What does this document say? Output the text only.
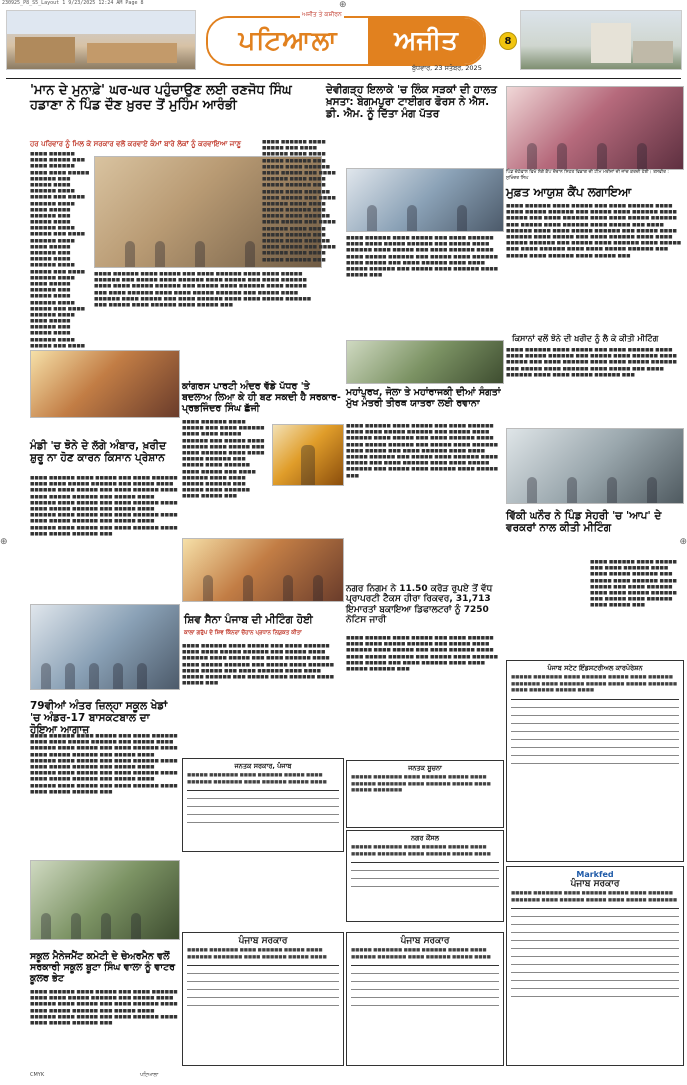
230925_P8_S5_Layout 1 9/23/2025 12:24 AM Page 8	⊕
⊕	⊕
ਪਟਿਆਲਾ	ਅਜੀਤ
ਅਜੀਤ ਤੇ ਕਸ਼ੀਰਨ
ਬੁੱਧਵਾਰ, 23 ਸਤੰਬਰ, 2025
8
'ਮਾਨ ਦੇ ਮੁਨਾਫ਼ੇ' ਘਰ-ਘਰ ਪਹੁੰਚਾਉਣ ਲਈ ਰਣਜੋਧ ਸਿੰਘ ਹਡਾਣਾ ਨੇ ਪਿੰਡ ਦੌਣ ਖ਼ੁਰਦ ਤੋਂ ਮੁਹਿੰਮ ਆਰੰਭੀ
ਹਰ ਪਰਿਵਾਰ ਨੂੰ ਮਿਲ ਕੇ ਸਰਕਾਰ ਵਲੋਂ ਕਰਵਾਏ ਕੰਮਾਂ ਬਾਰੇ ਲੋਕਾਂ ਨੂੰ ਕਰਵਾਇਆ ਜਾਣੂ
■■■■ ■■■■■■ ■■■■ ■■■■■ ■■■ ■■■■ ■■■■■■ ■■■■ ■■■■ ■■■■■ ■■■■■■ ■■■ ■■■■■ ■■■■ ■■■■■■ ■■■■ ■■■■■ ■■■ ■■■■ ■■■■■■ ■■■■ ■■■■ ■■■■■ ■■■■■■ ■■■ ■■■■■ ■■■■ ■■■■■■ ■■■■ ■■■■■ ■■■ ■■■■ ■■■■■■ ■■■■ ■■■■ ■■■■■ ■■■■■■ ■■■ ■■■■■ ■■■■ ■■■■■■ ■■■■ ■■■■■ ■■■ ■■■■ ■■■■■■ ■■■■ ■■■■ ■■■■■ ■■■■■■ ■■■ ■■■■■ ■■■■ ■■■■■■ ■■■■ ■■■■■ ■■■ ■■■■ ■■■■■■ ■■■■ ■■■■ ■■■■■ ■■■■■■ ■■■ ■■■■■ ■■■■ ■■■■■■ ■■■■ ■■■■■ ■■■ ■■■■
■■■■ ■■■■■■ ■■■■ ■■■■■ ■■■ ■■■■ ■■■■■■ ■■■■ ■■■■ ■■■■■ ■■■■■■ ■■■ ■■■■■ ■■■■ ■■■■■■ ■■■■ ■■■■■ ■■■ ■■■■ ■■■■■■ ■■■■ ■■■■ ■■■■■ ■■■■■■ ■■■ ■■■■■ ■■■■ ■■■■■■ ■■■■ ■■■■■ ■■■ ■■■■ ■■■■■■ ■■■■ ■■■■ ■■■■■ ■■■■■■ ■■■ ■■■■■ ■■■■ ■■■■■■ ■■■■ ■■■■■ ■■■ ■■■■ ■■■■■■ ■■■■ ■■■■ ■■■■■ ■■■■■■ ■■■ ■■■■■ ■■■■ ■■■■■■ ■■■■ ■■■■■ ■■■
ਦੇਵੀਗੜ੍ਹ ਇਲਾਕੇ 'ਚ ਲਿੰਕ ਸੜਕਾਂ ਦੀ ਹਾਲਤ ਖ਼ਸਤਾ: ਬੇਗਮਪੁਰਾ ਟਾਈਗਰ ਫੋਰਸ ਨੇ ਐਸ. ਡੀ. ਐਮ. ਨੂੰ ਦਿੱਤਾ ਮੰਗ ਪੱਤਰ
■■■■ ■■■■■■ ■■■■ ■■■■■ ■■■ ■■■■ ■■■■■■ ■■■■ ■■■■ ■■■■■ ■■■■■■ ■■■ ■■■■■ ■■■■ ■■■■■■ ■■■■ ■■■■■ ■■■ ■■■■ ■■■■■■ ■■■■ ■■■■ ■■■■■ ■■■■■■ ■■■ ■■■■■ ■■■■ ■■■■■■ ■■■■ ■■■■■ ■■■ ■■■■ ■■■■■■ ■■■■ ■■■■ ■■■■■ ■■■■■■ ■■■ ■■■■■ ■■■■ ■■■■■■ ■■■■ ■■■■■ ■■■ ■■■■ ■■■■■■ ■■■■ ■■■■ ■■■■■ ■■■■■■ ■■■ ■■■■■ ■■■■ ■■■■■■ ■■■■ ■■■■■ ■■■ ■■■■ ■■■■■■ ■■■■ ■■■■ ■■■■■ ■■■■■■ ■■■
■■■■ ■■■■■■ ■■■■ ■■■■■ ■■■ ■■■■ ■■■■■■ ■■■■ ■■■■ ■■■■■ ■■■■■■ ■■■ ■■■■■ ■■■■ ■■■■■■ ■■■■ ■■■■■ ■■■ ■■■■ ■■■■■■ ■■■■ ■■■■ ■■■■■ ■■■■■■ ■■■ ■■■■■ ■■■■ ■■■■■■ ■■■■ ■■■■■ ■■■ ■■■■ ■■■■■■ ■■■■ ■■■■ ■■■■■ ■■■■■■ ■■■ ■■■■■ ■■■■ ■■■■■■ ■■■■ ■■■■■ ■■■
ਪਿੰਡ ਚੱਠੇਵਾਲ ਵਿਖੇ ਲੱਗੇ ਕੈਂਪ ਦੌਰਾਨ ਸਿਹਤ ਵਿਭਾਗ ਦੀ ਟੀਮ ਮਰੀਜ਼ਾਂ ਦੀ ਜਾਂਚ ਕਰਦੀ ਹੋਈ। ਤਸਵੀਰ : ਸੁਖਿੰਦਰ ਸਿੰਘ
ਮੁਫ਼ਤ ਆਯੁਸ਼ ਕੈਂਪ ਲਗਾਇਆ
■■■■ ■■■■■■ ■■■■ ■■■■■ ■■■ ■■■■ ■■■■■■ ■■■■ ■■■■ ■■■■■ ■■■■■■ ■■■ ■■■■■ ■■■■ ■■■■■■ ■■■■ ■■■■■ ■■■ ■■■■ ■■■■■■ ■■■■ ■■■■ ■■■■■ ■■■■■■ ■■■ ■■■■■ ■■■■ ■■■■■■ ■■■■ ■■■■■ ■■■ ■■■■ ■■■■■■ ■■■■ ■■■■ ■■■■■ ■■■■■■ ■■■ ■■■■■ ■■■■ ■■■■■■ ■■■■ ■■■■■ ■■■ ■■■■ ■■■■■■ ■■■■ ■■■■ ■■■■■ ■■■■■■ ■■■ ■■■■■ ■■■■ ■■■■■■ ■■■■ ■■■■■ ■■■ ■■■■ ■■■■■■ ■■■■ ■■■■ ■■■■■ ■■■■■■ ■■■ ■■■■■ ■■■■ ■■■■■■ ■■■■ ■■■■■ ■■■
ਕਿਸਾਨਾਂ ਵਲੋਂ ਝੋਨੇ ਦੀ ਖ਼ਰੀਦ ਨੂੰ ਲੈ ਕੇ ਕੀਤੀ ਮੀਟਿੰਗ
■■■■ ■■■■■■ ■■■■ ■■■■■ ■■■ ■■■■ ■■■■■■ ■■■■ ■■■■ ■■■■■ ■■■■■■ ■■■ ■■■■■ ■■■■ ■■■■■■ ■■■■ ■■■■■ ■■■ ■■■■ ■■■■■■ ■■■■ ■■■■ ■■■■■ ■■■■■■ ■■■ ■■■■■ ■■■■ ■■■■■■ ■■■■ ■■■■■ ■■■ ■■■■ ■■■■■■ ■■■■ ■■■■ ■■■■■ ■■■■■■ ■■■
ਵਿੱਕੀ ਘਨੌਰ ਨੇ ਪਿੰਡ ਸੇਹਰੀ 'ਚ 'ਆਪ' ਦੇ ਵਰਕਰਾਂ ਨਾਲ ਕੀਤੀ ਮੀਟਿੰਗ
■■■■ ■■■■■■ ■■■■ ■■■■■ ■■■ ■■■■ ■■■■■■ ■■■■ ■■■■ ■■■■■ ■■■■■■ ■■■ ■■■■■ ■■■■ ■■■■■■ ■■■■ ■■■■■ ■■■ ■■■■ ■■■■■■ ■■■■ ■■■■ ■■■■■ ■■■■■■ ■■■ ■■■■■ ■■■■ ■■■■■■ ■■■■ ■■■■■ ■■■
ਕਾਂਗਰਸ ਪਾਰਟੀ ਅੰਦਰ ਵੱਡੇ ਪੱਧਰ 'ਤੇ ਬਦਲਾਅ ਲਿਆ ਕੇ ਹੀ ਬਣ ਸਕਦੀ ਹੈ ਸਰਕਾਰ- ਪ੍ਰਭਜਿੰਦਰ ਸਿੰਘ ਛੱਜੀ
■■■■ ■■■■■■ ■■■■ ■■■■■ ■■■ ■■■■ ■■■■■■ ■■■■ ■■■■ ■■■■■ ■■■■■■ ■■■ ■■■■■ ■■■■ ■■■■■■ ■■■■ ■■■■■ ■■■ ■■■■ ■■■■■■ ■■■■ ■■■■ ■■■■■ ■■■■■■ ■■■ ■■■■■ ■■■■ ■■■■■■ ■■■■ ■■■■■ ■■■ ■■■■ ■■■■■■ ■■■■ ■■■■ ■■■■■ ■■■■■■ ■■■ ■■■■■ ■■■■ ■■■■■■ ■■■■ ■■■■■ ■■■
ਮੰਡੀ 'ਚ ਝੋਨੇ ਦੇ ਲੱਗੇ ਅੰਬਾਰ, ਖ਼ਰੀਦ ਸ਼ੁਰੂ ਨਾ ਹੋਣ ਕਾਰਨ ਕਿਸਾਨ ਪ੍ਰੇਸ਼ਾਨ
■■■■ ■■■■■■ ■■■■ ■■■■■ ■■■ ■■■■ ■■■■■■ ■■■■ ■■■■ ■■■■■ ■■■■■■ ■■■ ■■■■■ ■■■■ ■■■■■■ ■■■■ ■■■■■ ■■■ ■■■■ ■■■■■■ ■■■■ ■■■■ ■■■■■ ■■■■■■ ■■■ ■■■■■ ■■■■ ■■■■■■ ■■■■ ■■■■■ ■■■ ■■■■ ■■■■■■ ■■■■ ■■■■ ■■■■■ ■■■■■■ ■■■ ■■■■■ ■■■■ ■■■■■■ ■■■■ ■■■■■ ■■■ ■■■■ ■■■■■■ ■■■■ ■■■■ ■■■■■ ■■■■■■ ■■■ ■■■■■ ■■■■ ■■■■■■ ■■■■ ■■■■■ ■■■ ■■■■ ■■■■■■ ■■■■ ■■■■ ■■■■■ ■■■■■■ ■■■
ਮਹਾਂਪੁਰਖ, ਜੋਲਾ ਤੇ ਮਹਾਂਰਾਜਕੀ ਦੀਆਂ ਸੰਗਤਾਂ ਮੁੱਖ ਮੰਤਰੀ ਤੀਰਥ ਯਾਤਰਾ ਲਈ ਰਵਾਨਾ
■■■■ ■■■■■■ ■■■■ ■■■■■ ■■■ ■■■■ ■■■■■■ ■■■■ ■■■■ ■■■■■ ■■■■■■ ■■■ ■■■■■ ■■■■ ■■■■■■ ■■■■ ■■■■■ ■■■ ■■■■ ■■■■■■ ■■■■ ■■■■ ■■■■■ ■■■■■■ ■■■ ■■■■■ ■■■■ ■■■■■■ ■■■■ ■■■■■ ■■■ ■■■■ ■■■■■■ ■■■■ ■■■■ ■■■■■ ■■■■■■ ■■■ ■■■■■ ■■■■ ■■■■■■ ■■■■ ■■■■■ ■■■ ■■■■ ■■■■■■ ■■■■ ■■■■ ■■■■■ ■■■■■■ ■■■ ■■■■■ ■■■■ ■■■■■■ ■■■■ ■■■■■ ■■■
ਸ਼ਿਵ ਸੈਨਾ ਪੰਜਾਬ ਦੀ ਮੀਟਿੰਗ ਹੋਈ
ਕਾਲਾ ਗਰੁੱਪ ਦੇ ਸ਼ਿਵ ਕਿੰਨਰਾ ਚੌਹਾਨ ਪ੍ਰਧਾਨ ਨਿਯੁਕਤ ਕੀਤਾ
■■■■ ■■■■■■ ■■■■ ■■■■■ ■■■ ■■■■ ■■■■■■ ■■■■ ■■■■ ■■■■■ ■■■■■■ ■■■ ■■■■■ ■■■■ ■■■■■■ ■■■■ ■■■■■ ■■■ ■■■■ ■■■■■■ ■■■■ ■■■■ ■■■■■ ■■■■■■ ■■■ ■■■■■ ■■■■ ■■■■■■ ■■■■ ■■■■■ ■■■ ■■■■ ■■■■■■ ■■■■ ■■■■ ■■■■■ ■■■■■■ ■■■ ■■■■■ ■■■■ ■■■■■■ ■■■■ ■■■■■ ■■■
ਨਗਰ ਨਿਗਮ ਨੇ 11.50 ਕਰੋੜ ਰੁਪਏ ਤੋਂ ਵੱਧ ਪ੍ਰਾਪਰਟੀ ਟੈਕਸ ਹੀਰਾ ਰਿਕਵਰ, 31,713 ਇਮਾਰਤਾਂ ਬਕਾਇਆ ਡਿਫਾਲਟਰਾਂ ਨੂੰ 7250 ਨੋਟਿਸ ਜਾਰੀ
■■■■ ■■■■■■ ■■■■ ■■■■■ ■■■ ■■■■ ■■■■■■ ■■■■ ■■■■ ■■■■■ ■■■■■■ ■■■ ■■■■■ ■■■■ ■■■■■■ ■■■■ ■■■■■ ■■■ ■■■■ ■■■■■■ ■■■■ ■■■■ ■■■■■ ■■■■■■ ■■■ ■■■■■ ■■■■ ■■■■■■ ■■■■ ■■■■■ ■■■ ■■■■ ■■■■■■ ■■■■ ■■■■ ■■■■■ ■■■■■■ ■■■
79ਵੀਆਂ ਅੰਤਰ ਜ਼ਿਲ੍ਹਾ ਸਕੂਲ ਖੇਡਾਂ 'ਚ ਅੰਡਰ-17 ਬਾਸਕਟਬਾਲ ਦਾ ਹੋਇਆ ਆਗਾਜ਼
■■■■ ■■■■■■ ■■■■ ■■■■■ ■■■ ■■■■ ■■■■■■ ■■■■ ■■■■ ■■■■■ ■■■■■■ ■■■ ■■■■■ ■■■■ ■■■■■■ ■■■■ ■■■■■ ■■■ ■■■■ ■■■■■■ ■■■■ ■■■■ ■■■■■ ■■■■■■ ■■■ ■■■■■ ■■■■ ■■■■■■ ■■■■ ■■■■■ ■■■ ■■■■ ■■■■■■ ■■■■ ■■■■ ■■■■■ ■■■■■■ ■■■ ■■■■■ ■■■■ ■■■■■■ ■■■■ ■■■■■ ■■■ ■■■■ ■■■■■■ ■■■■ ■■■■ ■■■■■ ■■■■■■ ■■■ ■■■■■ ■■■■ ■■■■■■ ■■■■ ■■■■■ ■■■ ■■■■ ■■■■■■ ■■■■ ■■■■ ■■■■■ ■■■■■■ ■■■
ਸਕੂਲ ਮੈਨੇਜਮੈਂਟ ਕਮੇਟੀ ਦੇ ਚੇਅਰਮੈਨ ਵਲੋਂ ਸਰਕਾਰੀ ਸਕੂਲ ਬੂਟਾ ਸਿੰਘ ਵਾਲਾ ਨੂੰ ਵਾਟਰ ਕੂਲਰ ਭੇਟ
■■■■ ■■■■■■ ■■■■ ■■■■■ ■■■ ■■■■ ■■■■■■ ■■■■ ■■■■ ■■■■■ ■■■■■■ ■■■ ■■■■■ ■■■■ ■■■■■■ ■■■■ ■■■■■ ■■■ ■■■■ ■■■■■■ ■■■■ ■■■■ ■■■■■ ■■■■■■ ■■■ ■■■■■ ■■■■ ■■■■■■ ■■■■ ■■■■■ ■■■ ■■■■ ■■■■■■ ■■■■ ■■■■ ■■■■■ ■■■■■■ ■■■
ਜਨਤਕ ਸਰਕਾਰ, ਪੰਜਾਬ
■■■■■ ■■■■■■■ ■■■■ ■■■■■■ ■■■■■ ■■■■ ■■■■■■ ■■■■■■■ ■■■■ ■■■■■■ ■■■■■ ■■■■
ਜਨਤਕ ਸੂਚਨਾ
■■■■■ ■■■■■■■ ■■■■ ■■■■■■ ■■■■■ ■■■■ ■■■■■■ ■■■■■■■ ■■■■ ■■■■■■ ■■■■■ ■■■■ ■■■■■ ■■■■■■■
ਨਗਰ ਕੌਂਸਲ
■■■■■ ■■■■■■■ ■■■■ ■■■■■■ ■■■■■ ■■■■ ■■■■■■ ■■■■■■■ ■■■■ ■■■■■■ ■■■■■ ■■■■
ਪੰਜਾਬ ਸਰਕਾਰ
■■■■■ ■■■■■■■ ■■■■ ■■■■■■ ■■■■■ ■■■■ ■■■■■■ ■■■■■■■ ■■■■ ■■■■■■ ■■■■■ ■■■■
ਪੰਜਾਬ ਸਰਕਾਰ
■■■■■ ■■■■■■■ ■■■■ ■■■■■■ ■■■■■ ■■■■ ■■■■■■ ■■■■■■■ ■■■■ ■■■■■■ ■■■■■ ■■■■
ਪੰਜਾਬ ਸਟੇਟ ਇੰਡਸਟਰੀਅਲ ਕਾਰਪੋਰੇਸ਼ਨ
■■■■■ ■■■■■■■ ■■■■ ■■■■■■ ■■■■■ ■■■■ ■■■■■■ ■■■■■■■ ■■■■ ■■■■■■ ■■■■■ ■■■■ ■■■■■ ■■■■■■■ ■■■■ ■■■■■■ ■■■■■ ■■■■
Markfed
ਪੰਜਾਬ ਸਰਕਾਰ
■■■■■ ■■■■■■■ ■■■■ ■■■■■■ ■■■■■ ■■■■ ■■■■■■ ■■■■■■■ ■■■■ ■■■■■■ ■■■■■ ■■■■ ■■■■■ ■■■■■■■
CMYK	ਪਟਿਆਲਾ
